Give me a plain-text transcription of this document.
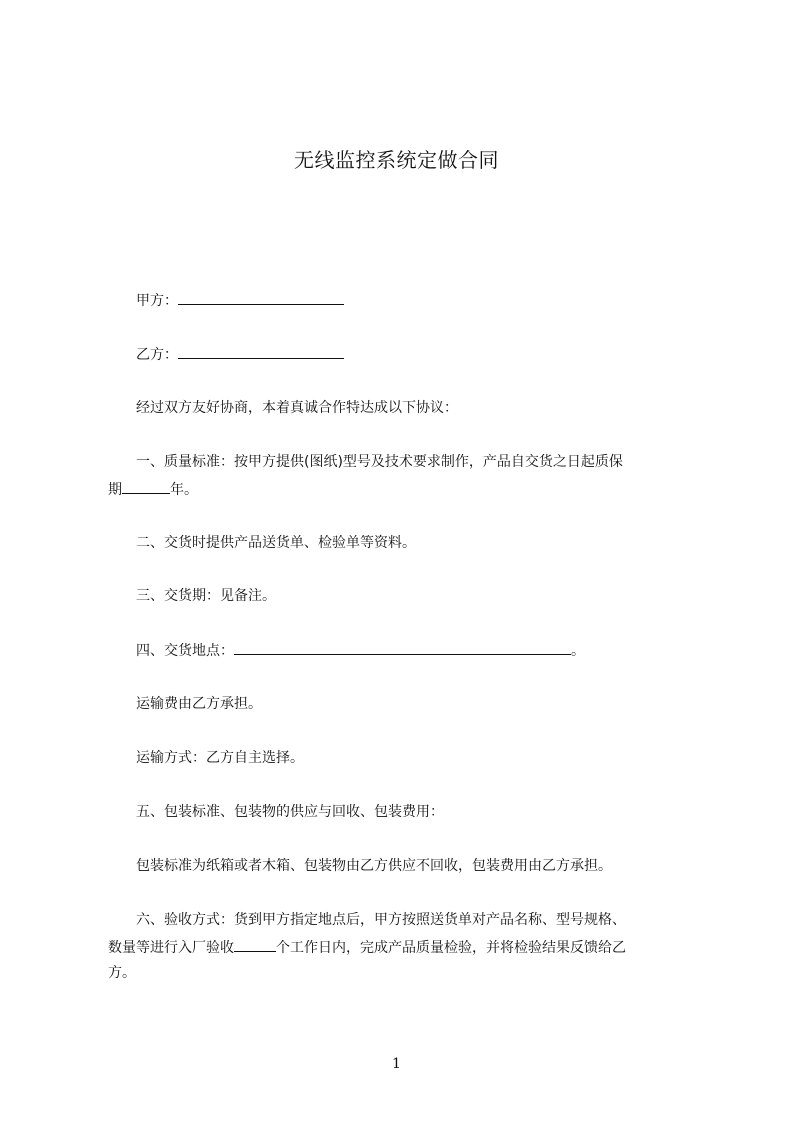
无线监控系统定做合同

甲方：

乙方：

经过双方友好协商，本着真诚合作特达成以下协议：

一、质量标准：按甲方提供(图纸)型号及技术要求制作，产品自交货之日起质保

期	年。

二、交货时提供产品送货单、检验单等资料。

三、交货期：见备注。

四、交货地点：	。

运输费由乙方承担。

运输方式：乙方自主选择。

五、包装标准、包装物的供应与回收、包装费用：

包装标准为纸箱或者木箱、包装物由乙方供应不回收，包装费用由乙方承担。

六、验收方式：货到甲方指定地点后，甲方按照送货单对产品名称、型号规格、

数量等进行入厂验收	个工作日内，完成产品质量检验，并将检验结果反馈给乙

方。

1
